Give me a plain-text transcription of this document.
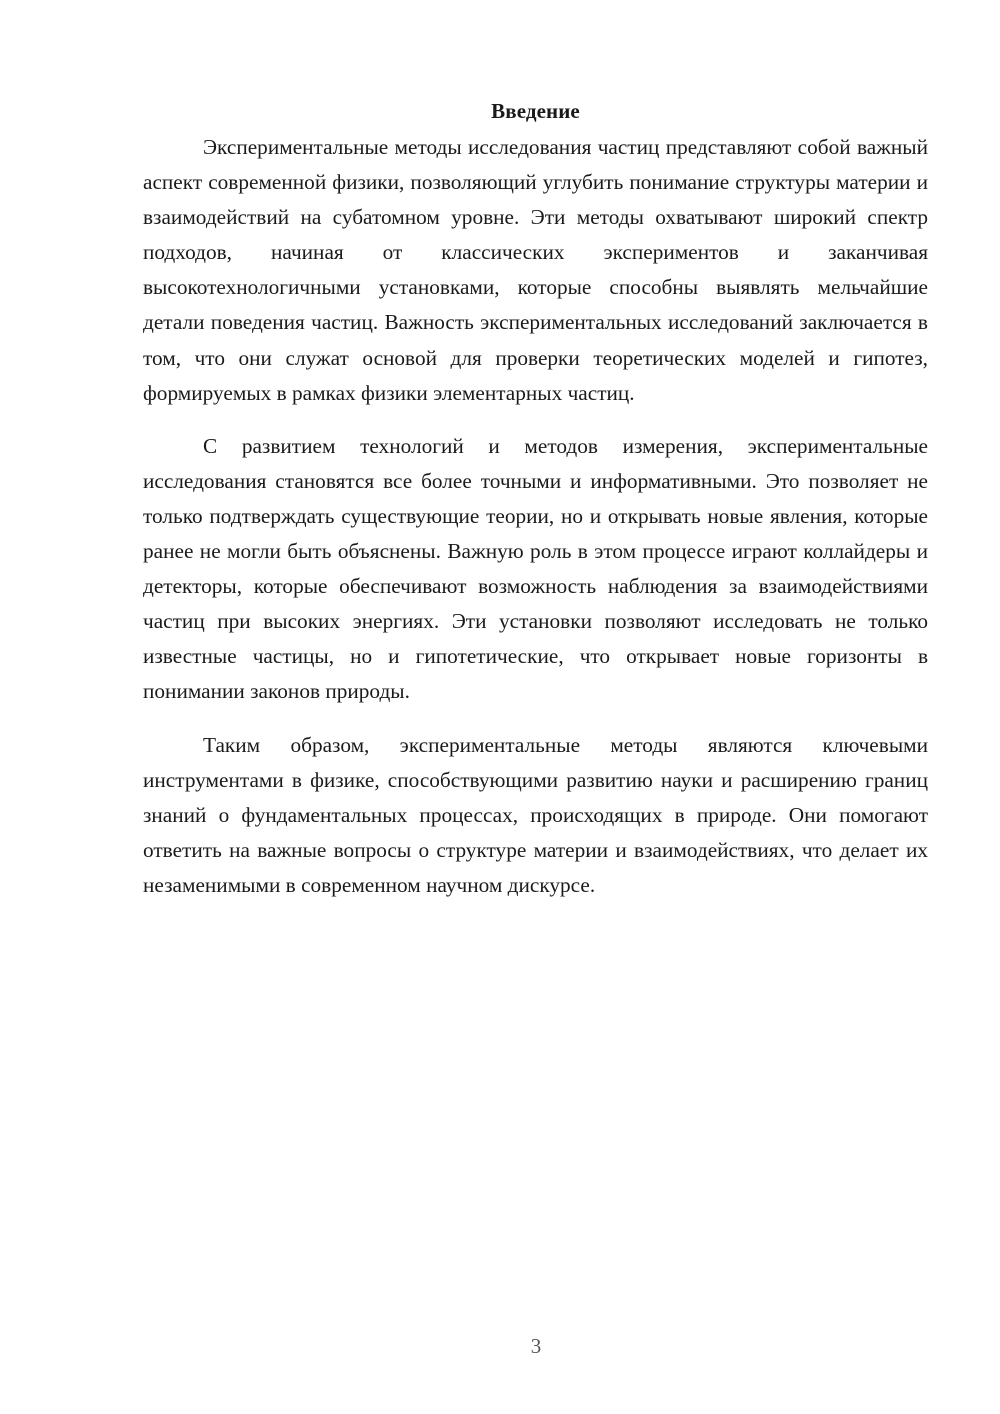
Введение

Экспериментальные методы исследования частиц представляют собой важный аспект современной физики, позволяющий углубить понимание структуры материи и взаимодействий на субатомном уровне. Эти методы охватывают широкий спектр подходов, начиная от классических экспериментов и заканчивая высокотехнологичными установками, которые способны выявлять мельчайшие детали поведения частиц. Важность экспериментальных исследований заключается в том, что они служат основой для проверки теоретических моделей и гипотез, формируемых в рамках физики элементарных частиц.

С развитием технологий и методов измерения, экспериментальные исследования становятся все более точными и информативными. Это позволяет не только подтверждать существующие теории, но и открывать новые явления, которые ранее не могли быть объяснены. Важную роль в этом процессе играют коллайдеры и детекторы, которые обеспечивают возможность наблюдения за взаимодействиями частиц при высоких энергиях. Эти установки позволяют исследовать не только известные частицы, но и гипотетические, что открывает новые горизонты в понимании законов природы.

Таким образом, экспериментальные методы являются ключевыми инструментами в физике, способствующими развитию науки и расширению границ знаний о фундаментальных процессах, происходящих в природе. Они помогают ответить на важные вопросы о структуре материи и взаимодействиях, что делает их незаменимыми в современном научном дискурсе.

3
